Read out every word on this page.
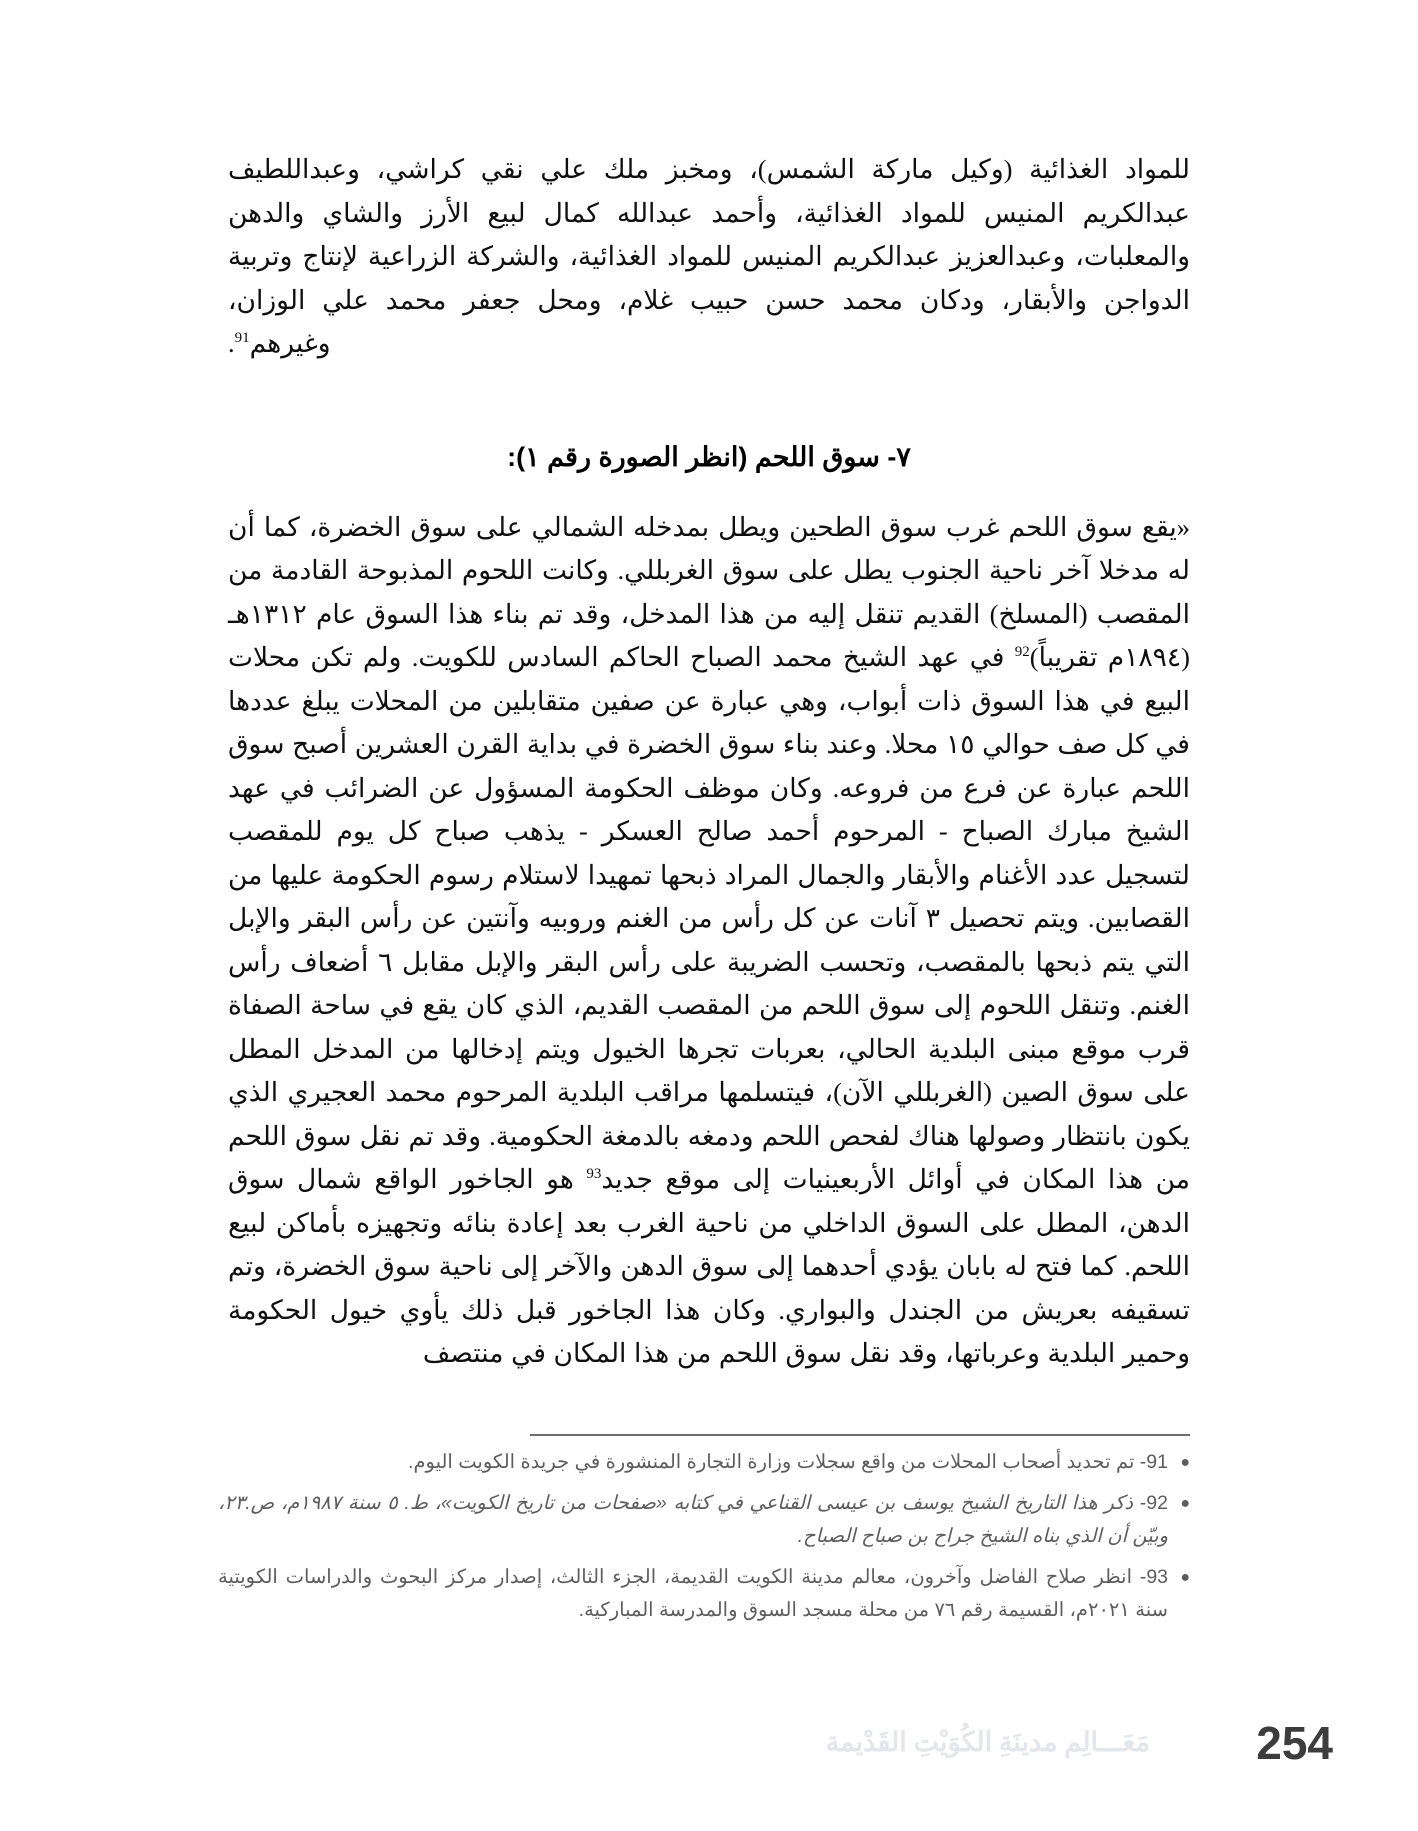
للمواد الغذائية (وكيل ماركة الشمس)، ومخبز ملك علي نقي كراشي، وعبداللطيف عبدالكريم المنيس للمواد الغذائية، وأحمد عبدالله كمال لبيع الأرز والشاي والدهن والمعلبات، وعبدالعزيز عبدالكريم المنيس للمواد الغذائية، والشركة الزراعية لإنتاج وتربية الدواجن والأبقار، ودكان محمد حسن حبيب غلام، ومحل جعفر محمد علي الوزان، وغيرهم$^{91}$.

٧- سوق اللحم (انظر الصورة رقم ١):

«يقع سوق اللحم غرب سوق الطحين ويطل بمدخله الشمالي على سوق الخضرة، كما أن له مدخلا آخر ناحية الجنوب يطل على سوق الغربللي. وكانت اللحوم المذبوحة القادمة من المقصب (المسلخ) القديم تنقل إليه من هذا المدخل، وقد تم بناء هذا السوق عام ١٣١٢هـ (١٨٩٤م تقريباً)$^{92}$ في عهد الشيخ محمد الصباح الحاكم السادس للكويت. ولم تكن محلات البيع في هذا السوق ذات أبواب، وهي عبارة عن صفين متقابلين من المحلات يبلغ عددها في كل صف حوالي ١٥ محلا. وعند بناء سوق الخضرة في بداية القرن العشرين أصبح سوق اللحم عبارة عن فرع من فروعه. وكان موظف الحكومة المسؤول عن الضرائب في عهد الشيخ مبارك الصباح - المرحوم أحمد صالح العسكر - يذهب صباح كل يوم للمقصب لتسجيل عدد الأغنام والأبقار والجمال المراد ذبحها تمهيدا لاستلام رسوم الحكومة عليها من القصابين. ويتم تحصيل ٣ آنات عن كل رأس من الغنم وروبيه وآنتين عن رأس البقر والإبل التي يتم ذبحها بالمقصب، وتحسب الضريبة على رأس البقر والإبل مقابل ٦ أضعاف رأس الغنم. وتنقل اللحوم إلى سوق اللحم من المقصب القديم، الذي كان يقع في ساحة الصفاة قرب موقع مبنى البلدية الحالي، بعربات تجرها الخيول ويتم إدخالها من المدخل المطل على سوق الصين (الغربللي الآن)، فيتسلمها مراقب البلدية المرحوم محمد العجيري الذي يكون بانتظار وصولها هناك لفحص اللحم ودمغه بالدمغة الحكومية. وقد تم نقل سوق اللحم من هذا المكان في أوائل الأربعينيات إلى موقع جديد$^{93}$ هو الجاخور الواقع شمال سوق الدهن، المطل على السوق الداخلي من ناحية الغرب بعد إعادة بنائه وتجهيزه بأماكن لبيع اللحم. كما فتح له بابان يؤدي أحدهما إلى سوق الدهن والآخر إلى ناحية سوق الخضرة، وتم تسقيفه بعريش من الجندل والبواري. وكان هذا الجاخور قبل ذلك يأوي خيول الحكومة وحمير البلدية وعرباتها، وقد نقل سوق اللحم من هذا المكان في منتصف

●
91- تم تحديد أصحاب المحلات من واقع سجلات وزارة التجارة المنشورة في جريدة الكويت اليوم.

●
92- ذكر هذا التاريخ الشيخ يوسف بن عيسى القناعي في كتابه «صفحات من تاريخ الكويت»، ط. ٥ سنة ١٩٨٧م، ص.٢٣، وبيّن أن الذي بناه الشيخ جراح بن صباح الصباح.

●
93- انظر صلاح الفاضل وآخرون، معالم مدينة الكويت القديمة، الجزء الثالث، إصدار مركز البحوث والدراسات الكويتية سنة ٢٠٢١م، القسيمة رقم ٧٦ من محلة مسجد السوق والمدرسة المباركية.

مَعَـــالِم مدينَةِ الكُوَيْتِ القَدْيمة 254
